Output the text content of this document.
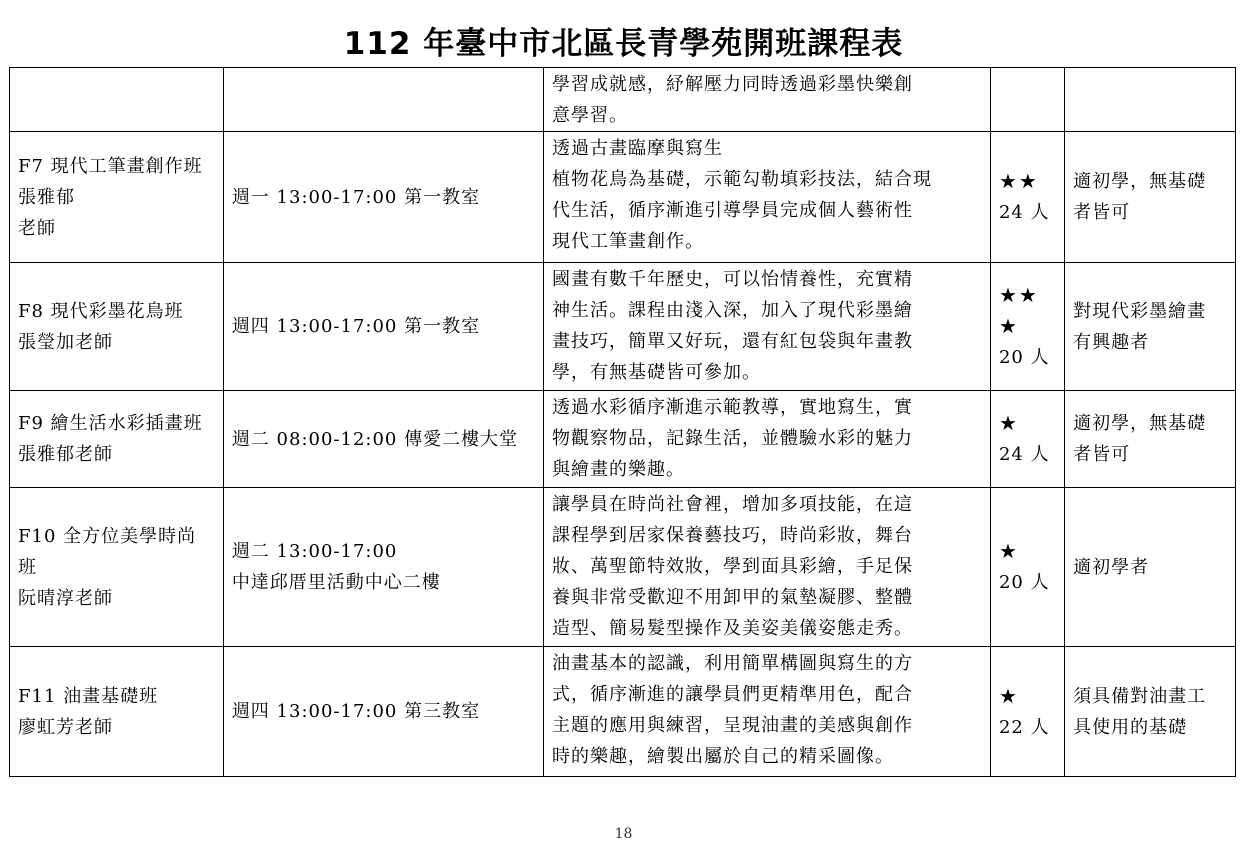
112 年臺中市北區長青學苑開班課程表

		學習成就感，紓解壓力同時透過彩墨快樂創
意學習。		

F7 現代工筆畫創作班
張雅郁
老師	週一 13:00-17:00 第一教室	透過古畫臨摩與寫生
植物花鳥為基礎，示範勾勒填彩技法，結合現
代生活，循序漸進引導學員完成個人藝術性
現代工筆畫創作。	★★
24 人	適初學，無基礎
者皆可

F8 現代彩墨花鳥班
張瑩加老師	週四 13:00-17:00 第一教室	國畫有數千年歷史，可以怡情養性，充實精
神生活。課程由淺入深，加入了現代彩墨繪
畫技巧，簡單又好玩，還有紅包袋與年畫教
學，有無基礎皆可參加。	★★
★
20 人	對現代彩墨繪畫
有興趣者

F9 繪生活水彩插畫班
張雅郁老師	週二 08:00-12:00 傳愛二樓大堂	透過水彩循序漸進示範教導，實地寫生，實
物觀察物品，記錄生活，並體驗水彩的魅力
與繪畫的樂趣。	★
24 人	適初學，無基礎
者皆可

F10 全方位美學時尚
班
阮晴淳老師	週二 13:00-17:00
中達邱厝里活動中心二樓	讓學員在時尚社會裡，增加多項技能，在這
課程學到居家保養藝技巧，時尚彩妝，舞台
妝、萬聖節特效妝，學到面具彩繪，手足保
養與非常受歡迎不用卸甲的氣墊凝膠、整體
造型、簡易髮型操作及美姿美儀姿態走秀。	★
20 人	適初學者

F11 油畫基礎班
廖虹芳老師	週四 13:00-17:00 第三教室	油畫基本的認識，利用簡單構圖與寫生的方
式，循序漸進的讓學員們更精準用色，配合
主題的應用與練習，呈現油畫的美感與創作
時的樂趣，繪製出屬於自己的精采圖像。	★
22 人	須具備對油畫工
具使用的基礎
18
